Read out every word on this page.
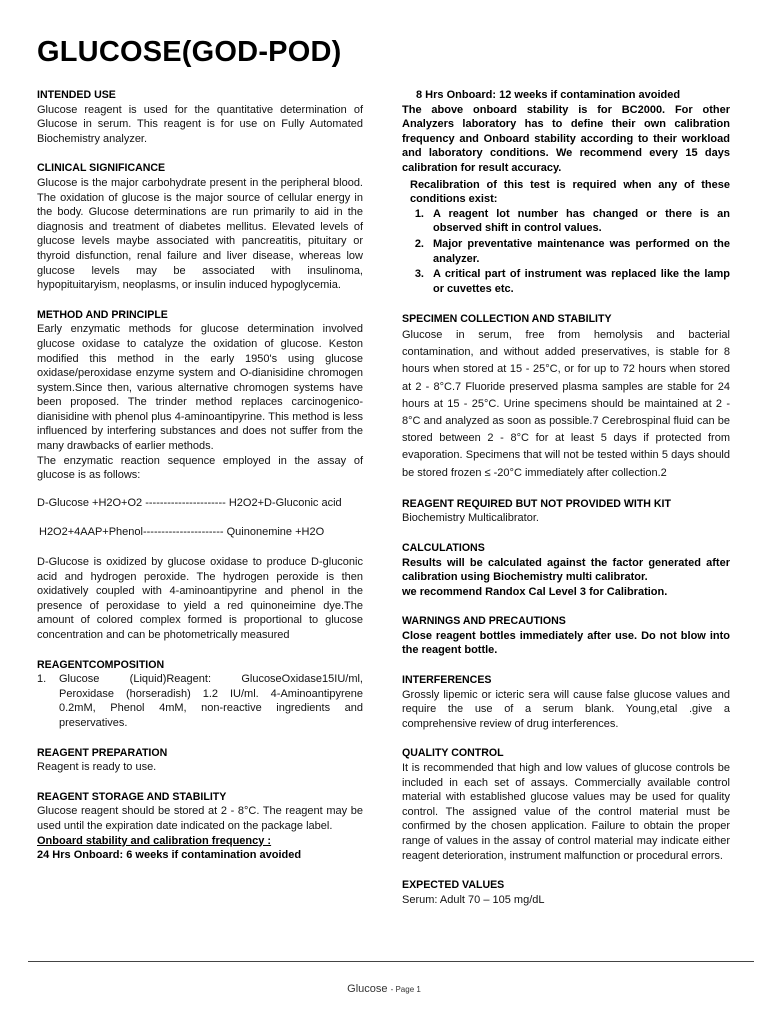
GLUCOSE(GOD-POD)

INTENDED USE

Glucose reagent is used for the quantitative determination of Glucose in serum. This reagent is for use on Fully Automated Biochemistry analyzer.

CLINICAL SIGNIFICANCE

Glucose is the major carbohydrate present in the peripheral blood. The oxidation of glucose is the major source of cellular energy in the body. Glucose determinations are run primarily to aid in the diagnosis and treatment of diabetes mellitus. Elevated levels of glucose levels maybe associated with pancreatitis, pituitary or thyroid disfunction, renal failure and liver disease, whereas low glucose levels may be associated with insulinoma, hypopituitaryism, neoplasms, or insulin induced hypoglycemia.

METHOD AND PRINCIPLE

Early enzymatic methods for glucose determination involved glucose oxidase to catalyze the oxidation of glucose. Keston modified this method in the early 1950's using glucose oxidase/peroxidase enzyme system and O-dianisidine chromogen system.Since then, various alternative chromogen systems have been proposed. The trinder method replaces carcinogenico-dianisidine with phenol plus 4-aminoantipyrine. This method is less influenced by interfering substances and does not suffer from the many drawbacks of earlier methods.

The enzymatic reaction sequence employed in the assay of glucose is as follows:

D-Glucose +H2O+O2 ---------------------- H2O2+D-Gluconic acid

H2O2+4AAP+Phenol---------------------- Quinonemine +H2O

D-Glucose is oxidized by glucose oxidase to produce D-gluconic acid and hydrogen peroxide. The hydrogen peroxide is then oxidatively coupled with 4-aminoantipyrine and phenol in the presence of peroxidase to yield a red quinoneimine dye.The amount of colored complex formed is proportional to glucose concentration and can be photometrically measured

REAGENTCOMPOSITION

1.	Glucose (Liquid)Reagent: GlucoseOxidase15IU/ml, Peroxidase (horseradish) 1.2 IU/ml. 4-Aminoantipyrene 0.2mM, Phenol 4mM, non-reactive ingredients and preservatives.

REAGENT PREPARATION

Reagent is ready to use.

REAGENT STORAGE AND STABILITY

Glucose reagent should be stored at 2 - 8°C. The reagent may be used until the expiration date indicated on the package label.

Onboard stability and calibration frequency :

24 Hrs Onboard: 6 weeks if contamination avoided

8 Hrs Onboard: 12 weeks if contamination avoided

The above onboard stability is for BC2000. For other Analyzers laboratory has to define their own calibration frequency and Onboard stability according to their workload and laboratory conditions. We recommend every 15 days calibration for result accuracy.

Recalibration of this test is required when any of these conditions exist:

1. A reagent lot number has changed or there is an observed shift in control values.
2. Major preventative maintenance was performed on the analyzer.
3. A critical part of instrument was replaced like the lamp or cuvettes etc.

SPECIMEN COLLECTION AND STABILITY

Glucose in serum, free from hemolysis and bacterial contamination, and without added preservatives, is stable for 8 hours when stored at 15 - 25°C, or for up to 72 hours when stored at 2 - 8°C.7 Fluoride preserved plasma samples are stable for 24 hours at 15 - 25°C. Urine specimens should be maintained at 2 - 8°C and analyzed as soon as possible.7 Cerebrospinal fluid can be stored between 2 - 8°C for at least 5 days if protected from evaporation. Specimens that will not be tested within 5 days should be stored frozen ≤ -20°C immediately after collection.2

REAGENT REQUIRED BUT NOT PROVIDED WITH KIT

Biochemistry Multicalibrator.

CALCULATIONS

Results will be calculated against the factor generated after calibration using Biochemistry multi calibrator.

we recommend Randox Cal Level 3 for Calibration.

WARNINGS AND PRECAUTIONS

Close reagent bottles immediately after use. Do not blow into the reagent bottle.

INTERFERENCES

Grossly lipemic or icteric sera will cause false glucose values and require the use of a serum blank. Young,etal .give a comprehensive review of drug interferences.

QUALITY CONTROL

It is recommended that high and low values of glucose controls be included in each set of assays. Commercially available control material with established glucose values may be used for quality control. The assigned value of the control material must be confirmed by the chosen application. Failure to obtain the proper range of values in the assay of control material may indicate either reagent deterioration, instrument malfunction or procedural errors.

EXPECTED VALUES

Serum: Adult 70 – 105 mg/dL

Glucose - Page 1
